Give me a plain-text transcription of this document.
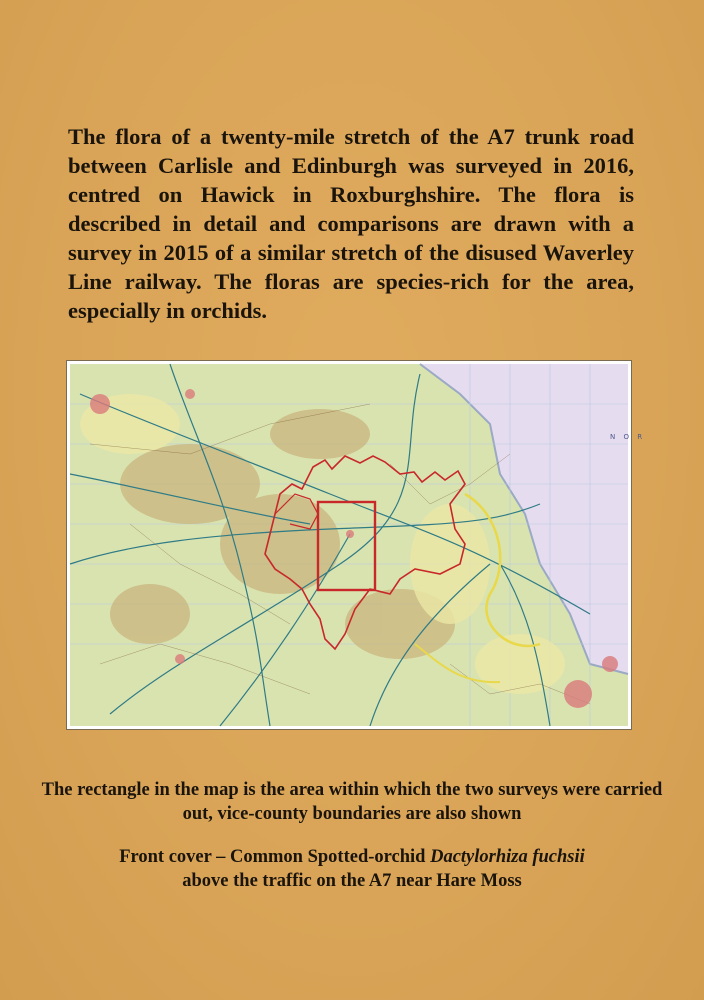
The flora of a twenty-mile stretch of the A7 trunk road between Carlisle and Edinburgh was surveyed in 2016, centred on Hawick in Roxburghshire. The flora is described in detail and comparisons are drawn with a survey in 2015 of a similar stretch of the disused Waverley Line railway. The floras are species-rich for the area, especially in orchids.

N O R

The rectangle in the map is the area within which the two surveys were carried out, vice-county boundaries are also shown

Front cover – Common Spotted-orchid Dactylorhiza fuchsii
above the traffic on the A7 near Hare Moss
